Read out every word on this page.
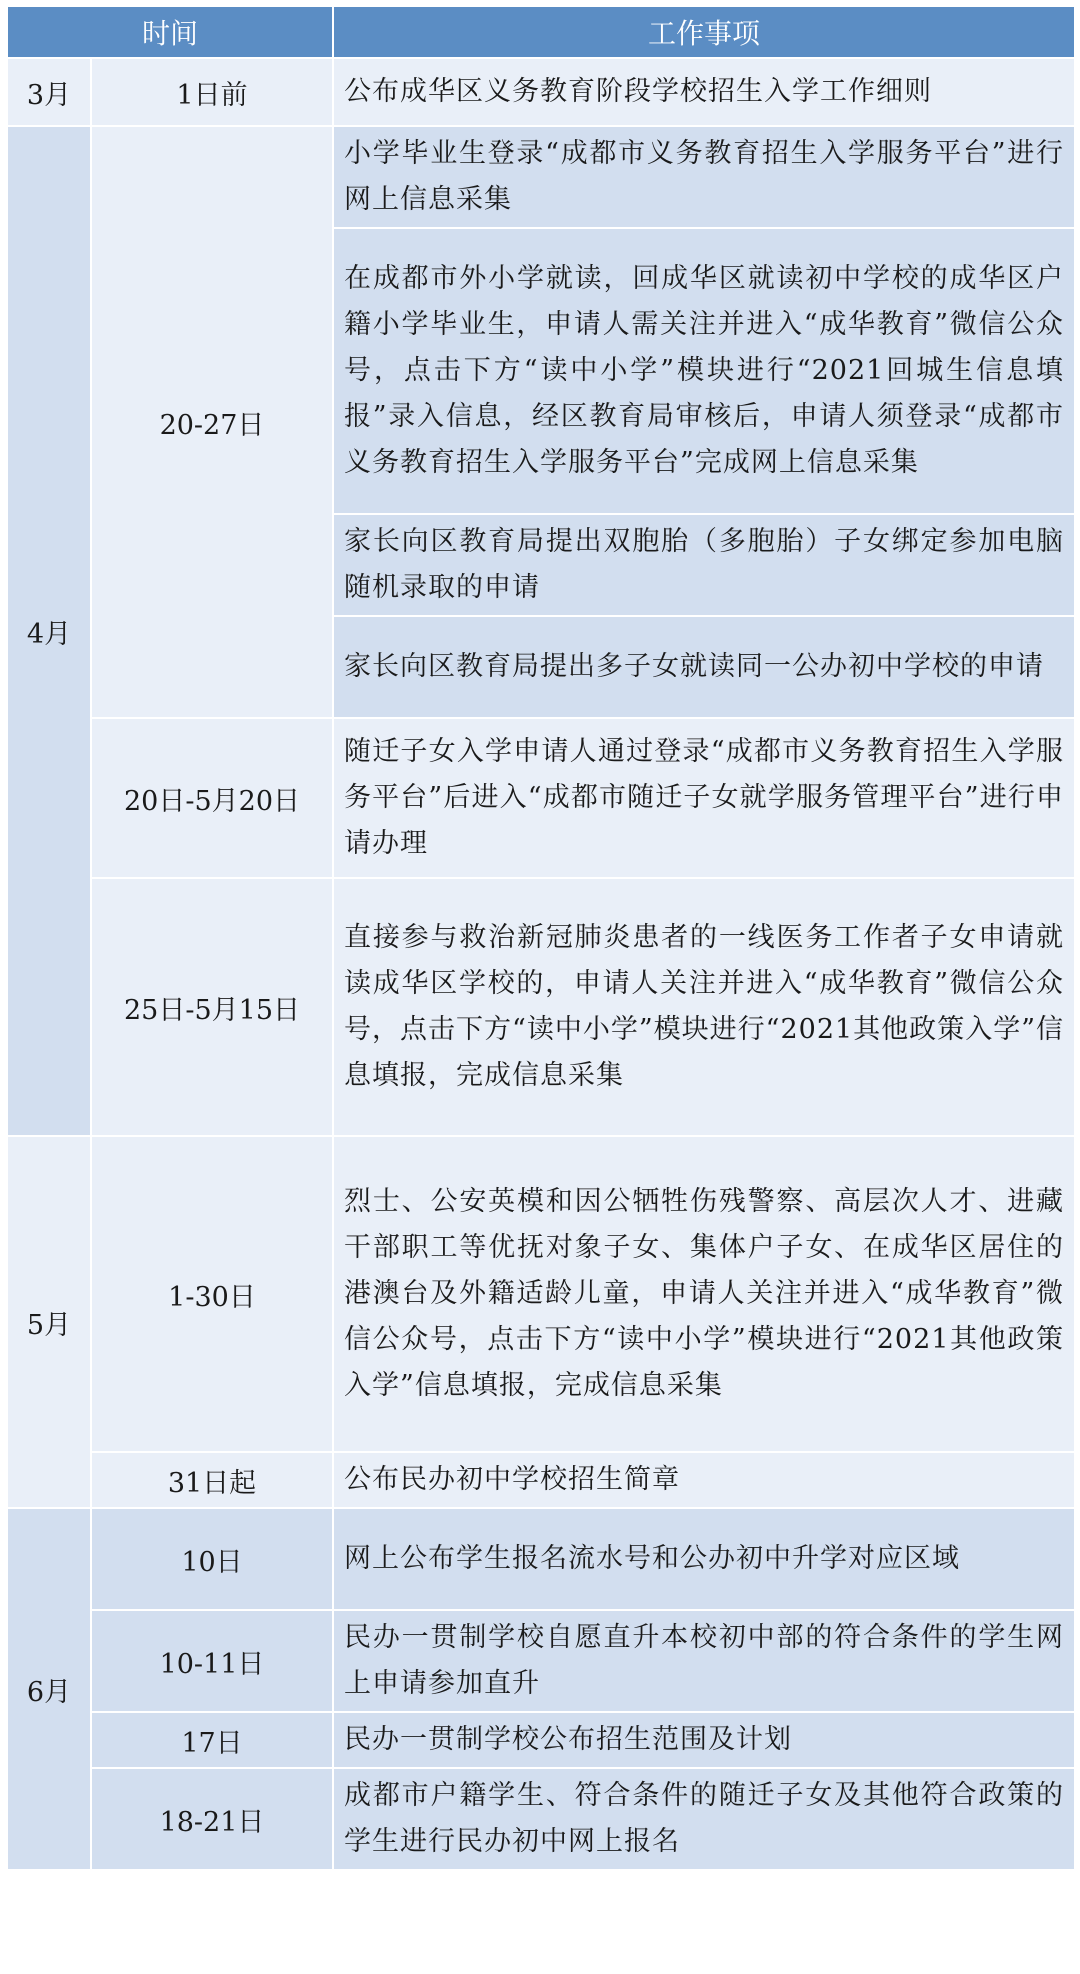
时间		工作事项
3月	1日前	公布成华区义务教育阶段学校招生入学工作细则
4月	20-27日	小学毕业生登录“成都市义务教育招生入学服务平台”进行网上信息采集
		在成都市外小学就读，回成华区就读初中学校的成华区户籍小学毕业生，申请人需关注并进入“成华教育”微信公众号，点击下方“读中小学”模块进行“2021回城生信息填报”录入信息，经区教育局审核后，申请人须登录“成都市义务教育招生入学服务平台”完成网上信息采集
		家长向区教育局提出双胞胎（多胞胎）子女绑定参加电脑随机录取的申请
		家长向区教育局提出多子女就读同一公办初中学校的申请
	20日-5月20日	随迁子女入学申请人通过登录“成都市义务教育招生入学服务平台”后进入“成都市随迁子女就学服务管理平台”进行申请办理
	25日-5月15日	直接参与救治新冠肺炎患者的一线医务工作者子女申请就读成华区学校的，申请人关注并进入“成华教育”微信公众号，点击下方“读中小学”模块进行“2021其他政策入学”信息填报，完成信息采集
5月	1-30日	烈士、公安英模和因公牺牲伤残警察、高层次人才、进藏干部职工等优抚对象子女、集体户子女、在成华区居住的港澳台及外籍适龄儿童，申请人关注并进入“成华教育”微信公众号，点击下方“读中小学”模块进行“2021其他政策入学”信息填报，完成信息采集
	31日起	公布民办初中学校招生简章
6月	10日	网上公布学生报名流水号和公办初中升学对应区域
	10-11日	民办一贯制学校自愿直升本校初中部的符合条件的学生网上申请参加直升
	17日	民办一贯制学校公布招生范围及计划
	18-21日	成都市户籍学生、符合条件的随迁子女及其他符合政策的学生进行民办初中网上报名
